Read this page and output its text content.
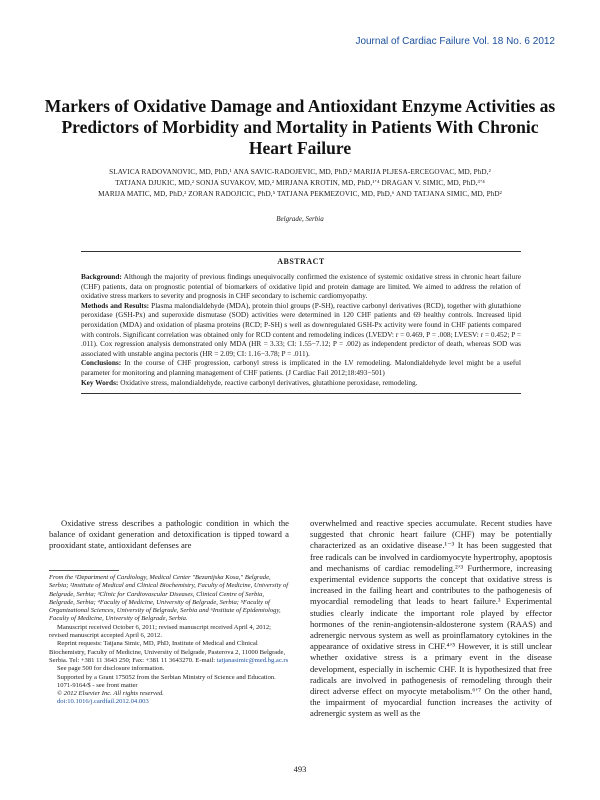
Journal of Cardiac Failure Vol. 18 No. 6 2012
Markers of Oxidative Damage and Antioxidant Enzyme Activities as Predictors of Morbidity and Mortality in Patients With Chronic Heart Failure
SLAVICA RADOVANOVIC, MD, PhD,¹ ANA SAVIC-RADOJEVIC, MD, PhD,² MARIJA PLJESA-ERCEGOVAC, MD, PhD,²
TATJANA DJUKIC, MD,² SONJA SUVAKOV, MD,² MIRJANA KROTIN, MD, PhD,¹ʼ⁴ DRAGAN V. SIMIC, MD, PhD,³ʼ⁴
MARIJA MATIC, MD, PhD,² ZORAN RADOJICIC, PhD,⁵ TATJANA PEKMEZOVIC, MD, PhD,⁶ AND TATJANA SIMIC, MD, PhD²
Belgrade, Serbia
ABSTRACT

Background: Although the majority of previous findings unequivocally confirmed the existence of systemic oxidative stress in chronic heart failure (CHF) patients, data on prognostic potential of biomarkers of oxidative lipid and protein damage are limited. We aimed to address the relation of oxidative stress markers to severity and prognosis in CHF secondary to ischemic cardiomyopathy.

Methods and Results: Plasma malondialdehyde (MDA), protein thiol groups (P-SH), reactive carbonyl derivatives (RCD), together with glutathione peroxidase (GSH-Px) and superoxide dismutase (SOD) activities were determined in 120 CHF patients and 69 healthy controls. Increased lipid peroxidation (MDA) and oxidation of plasma proteins (RCD; P-SH) s well as downregulated GSH-Px activity were found in CHF patients compared with controls. Significant correlation was obtained only for RCD content and remodeling indices (LVEDV: r = 0.469, P = .008; LVESV: r = 0.452; P = .011). Cox regression analysis demonstrated only MDA (HR = 3.33; CI: 1.55−7.12; P = .002) as independent predictor of death, whereas SOD was associated with unstable angina pectoris (HR = 2.09; CI: 1.16−3.78; P = .011).

Conclusions: In the course of CHF progression, carbonyl stress is implicated in the LV remodeling. Malondialdehyde level might be a useful parameter for monitoring and planning management of CHF patients. (J Cardiac Fail 2012;18:493−501)

Key Words: Oxidative stress, malondialdehyde, reactive carbonyl derivatives, glutathione peroxidase, remodeling.

Oxidative stress describes a pathologic condition in which the balance of oxidant generation and detoxification is tipped toward a prooxidant state, antioxidant defenses are

From the ¹Department of Cardiology, Medical Center "Bezanijska Kosa," Belgrade, Serbia; ²Institute of Medical and Clinical Biochemistry, Faculty of Medicine, University of Belgrade, Serbia; ³Clinic for Cardiovascular Diseases, Clinical Centre of Serbia, Belgrade, Serbia; ⁴Faculty of Medicine, University of Belgrade, Serbia; ⁵Faculty of Organizational Sciences, University of Belgrade, Serbia and ⁶Institute of Epidemiology, Faculty of Medicine, University of Belgrade, Serbia.

Manuscript received October 6, 2011; revised manuscript received April 4, 2012; revised manuscript accepted April 6, 2012.

Reprint requests: Tatjana Simic, MD, PhD, Institute of Medical and Clinical Biochemistry, Faculty of Medicine, University of Belgrade, Pasterova 2, 11000 Belgrade, Serbia. Tel: +381 11 3643 250; Fax: +381 11 3643270. E-mail: tatjanasimic@med.bg.ac.rs

See page 500 for disclosure information.

Supported by a Grant 175052 from the Serbian Ministry of Science and Education.

1071-9164/$ - see front matter

© 2012 Elsevier Inc. All rights reserved.

doi:10.1016/j.cardfail.2012.04.003

overwhelmed and reactive species accumulate. Recent studies have suggested that chronic heart failure (CHF) may be potentially characterized as an oxidative disease.¹⁻³ It has been suggested that free radicals can be involved in cardiomyocyte hypertrophy, apoptosis and mechanisms of cardiac remodeling.²ʼ³ Furthermore, increasing experimental evidence supports the concept that oxidative stress is increased in the failing heart and contributes to the pathogenesis of myocardial remodeling that leads to heart failure.³ Experimental studies clearly indicate the important role played by effector hormones of the renin-angiotensin-aldosterone system (RAAS) and adrenergic nervous system as well as proinflamatory cytokines in the appearance of oxidative stress in CHF.⁴ʼ⁵ However, it is still unclear whether oxidative stress is a primary event in the disease development, especially in ischemic CHF. It is hypothesized that free radicals are involved in pathogenesis of remodeling through their direct adverse effect on myocyte metabolism.⁶ʼ⁷ On the other hand, the impairment of myocardial function increases the activity of adrenergic system as well as the

493
